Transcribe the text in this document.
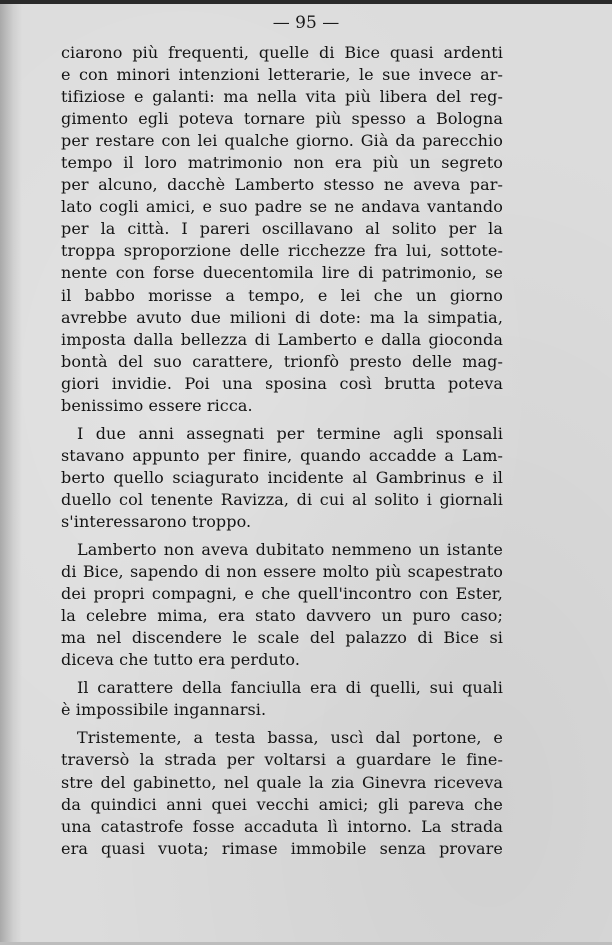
— 95 —
ciarono più frequenti, quelle di Bice quasi ardenti
e con minori intenzioni letterarie, le sue invece ar-
tifiziose e galanti: ma nella vita più libera del reg-
gimento egli poteva tornare più spesso a Bologna
per restare con lei qualche giorno. Già da parecchio
tempo il loro matrimonio non era più un segreto
per alcuno, dacchè Lamberto stesso ne aveva par-
lato cogli amici, e suo padre se ne andava vantando
per la città. I pareri oscillavano al solito per la
troppa sproporzione delle ricchezze fra lui, sottote-
nente con forse duecentomila lire di patrimonio, se
il babbo morisse a tempo, e lei che un giorno
avrebbe avuto due milioni di dote: ma la simpatia,
imposta dalla bellezza di Lamberto e dalla gioconda
bontà del suo carattere, trionfò presto delle mag-
giori invidie. Poi una sposina così brutta poteva
benissimo essere ricca.
I due anni assegnati per termine agli sponsali
stavano appunto per finire, quando accadde a Lam-
berto quello sciagurato incidente al Gambrinus e il
duello col tenente Ravizza, di cui al solito i giornali
s'interessarono troppo.
Lamberto non aveva dubitato nemmeno un istante
di Bice, sapendo di non essere molto più scapestrato
dei propri compagni, e che quell'incontro con Ester,
la celebre mima, era stato davvero un puro caso;
ma nel discendere le scale del palazzo di Bice si
diceva che tutto era perduto.
Il carattere della fanciulla era di quelli, sui quali
è impossibile ingannarsi.
Tristemente, a testa bassa, uscì dal portone, e
traversò la strada per voltarsi a guardare le fine-
stre del gabinetto, nel quale la zia Ginevra riceveva
da quindici anni quei vecchi amici; gli pareva che
una catastrofe fosse accaduta lì intorno. La strada
era quasi vuota; rimase immobile senza provare
